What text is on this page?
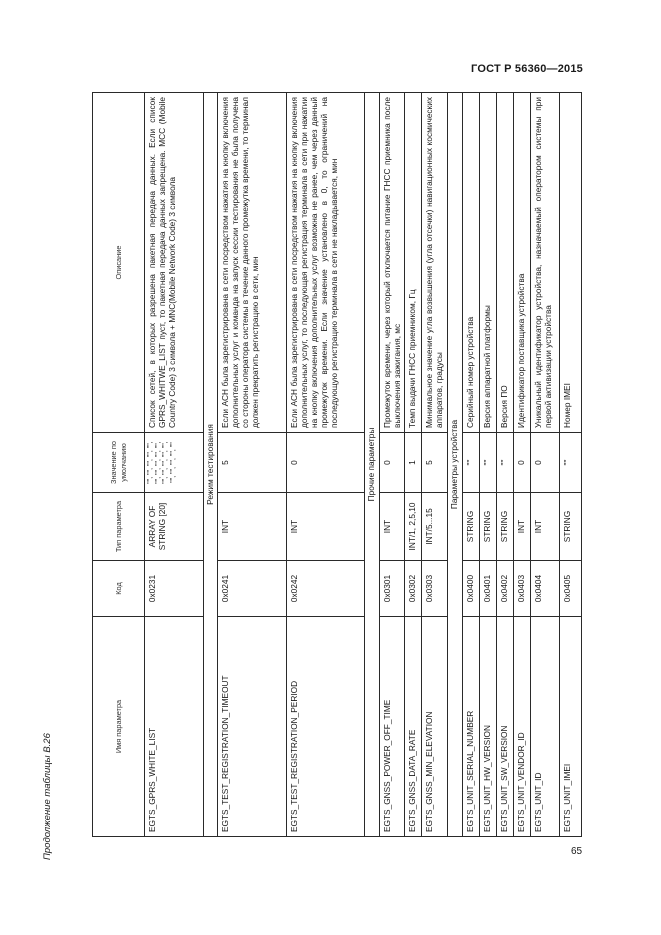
ГОСТ Р 56360—2015
65
Продолжение таблицы В.26
Имя параметра	Код	Тип параметра	Значение по умолчанию	Описание
EGTS_GPRS_WHITE_LIST	0x0231	ARRAY OF STRING [20]	"", "", "", "", "", "", "", "", "", "", "", "", "", "", "", "", "", "", "", ""	Список сетей, в которых разрешена пакетная передача данных. Если список GPRS_WHITWE_LIST пуст, то пакетная передача данных запрещена. MCC (Mobile Country Code) 3 символа + MNC(Mobile Network Code) 3 символа
Режим тестирования				
EGTS_TEST_REGISTRATION_TIMEOUT	0x0241	INT	5	Если АСН была зарегистрирована в сети посредством нажатия на кнопку включения дополнительных услуг и команда на запуск сессии тестирования не была получена со стороны оператора системы в течение данного промежутка времени, то терминал должен прекратить регистрацию в сети, мин
EGTS_TEST_REGISTRATION_PERIOD	0x0242	INT	0	Если АСН была зарегистрирована в сети посредством нажатия на кнопку включения дополнительных услуг, то последующая регистрация терминала в сети при нажатии на кнопку включения дополнительных услуг возможна не ранее, чем через данный промежуток времени. Если значение установлено в 0, то ограничений на последующую регистрацию терминала в сети не накладывается, мин
Прочие параметры				
EGTS_GNSS_POWER_OFF_TIME	0x0301	INT	0	Промежуток времени, через который отключается питание ГНСС приемника после выключения зажигания, мс
EGTS_GNSS_DATA_RATE	0x0302	INT/1, 2,5,10	1	Темп выдачи ГНСС приемником, Гц
EGTS_GNSS_MIN_ELEVATION	0x0303	INT/5...15	5	Минимальное значение угла возвышения (угла отсечки) навигационных космических аппаратов, градусы
Параметры устройства				
EGTS_UNIT_SERIAL_NUMBER	0x0400	STRING	""	Серийный номер устройства
EGTS_UNIT_HW_VERSION	0x0401	STRING	""	Версия аппаратной платформы
EGTS_UNIT_SW_VERSION	0x0402	STRING	""	Версия ПО
EGTS_UNIT_VENDOR_ID	0x0403	INT	0	Идентификатор поставщика устройства
EGTS_UNIT_ID	0x0404	INT	0	Уникальный идентификатор устройства, назначаемый оператором системы при первой активизации устройства
EGTS_UNIT_IMEI	0x0405	STRING	""	Номер IMEI
